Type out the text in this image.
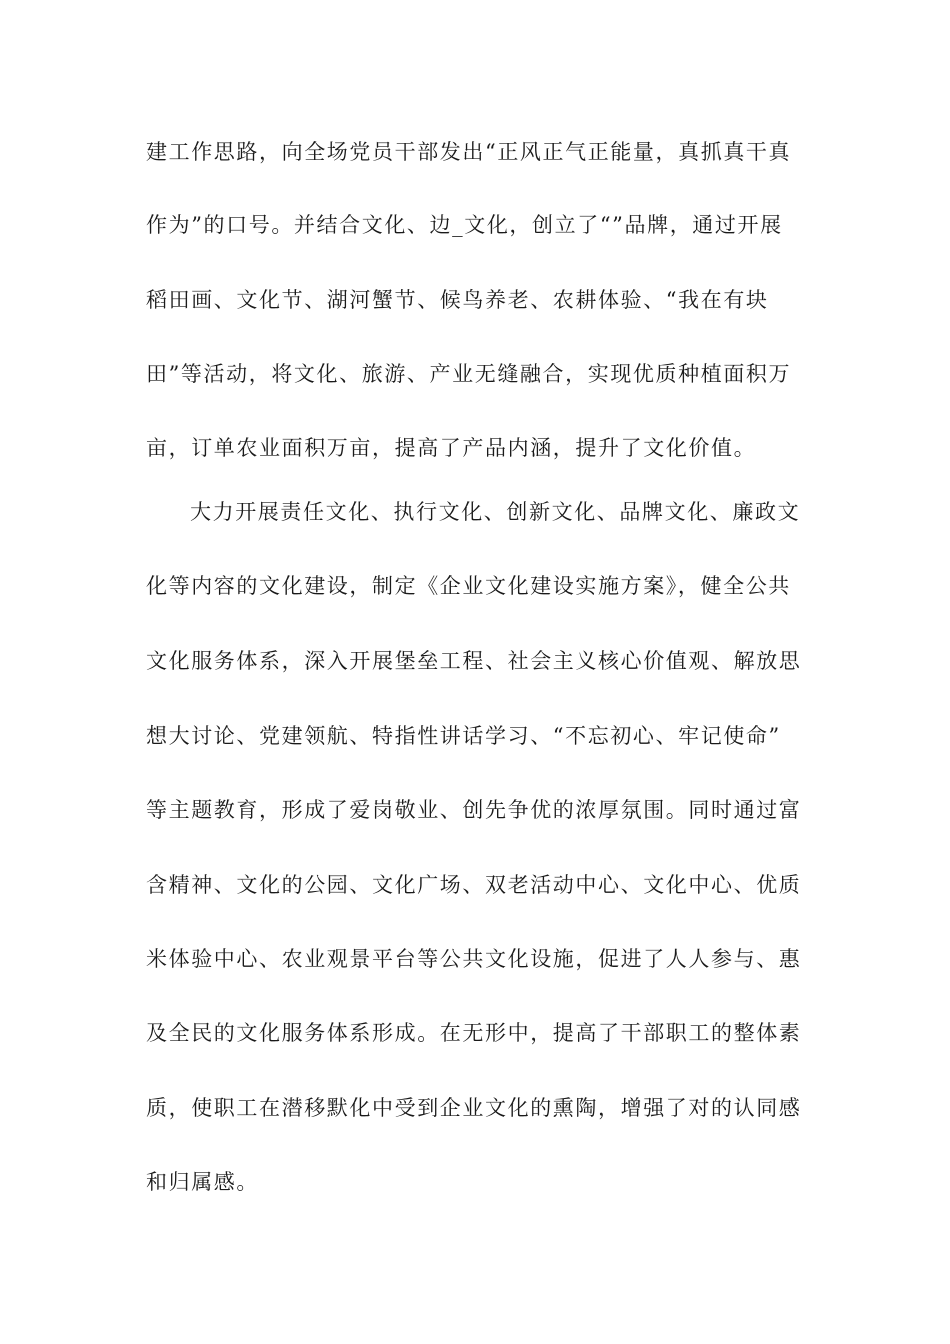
建工作思路，向全场党员干部发出“正风正气正能量，真抓真干真
作为”的口号。并结合文化、边_文化，创立了“”品牌，通过开展
稻田画、文化节、湖河蟹节、候鸟养老、农耕体验、“我在有块
田”等活动，将文化、旅游、产业无缝融合，实现优质种植面积万
亩，订单农业面积万亩，提高了产品内涵，提升了文化价值。
大力开展责任文化、执行文化、创新文化、品牌文化、廉政文
化等内容的文化建设，制定《企业文化建设实施方案》，健全公共
文化服务体系，深入开展堡垒工程、社会主义核心价值观、解放思
想大讨论、党建领航、特指性讲话学习、“不忘初心、牢记使命”
等主题教育，形成了爱岗敬业、创先争优的浓厚氛围。同时通过富
含精神、文化的公园、文化广场、双老活动中心、文化中心、优质
米体验中心、农业观景平台等公共文化设施，促进了人人参与、惠
及全民的文化服务体系形成。在无形中，提高了干部职工的整体素
质，使职工在潜移默化中受到企业文化的熏陶，增强了对的认同感
和归属感。
